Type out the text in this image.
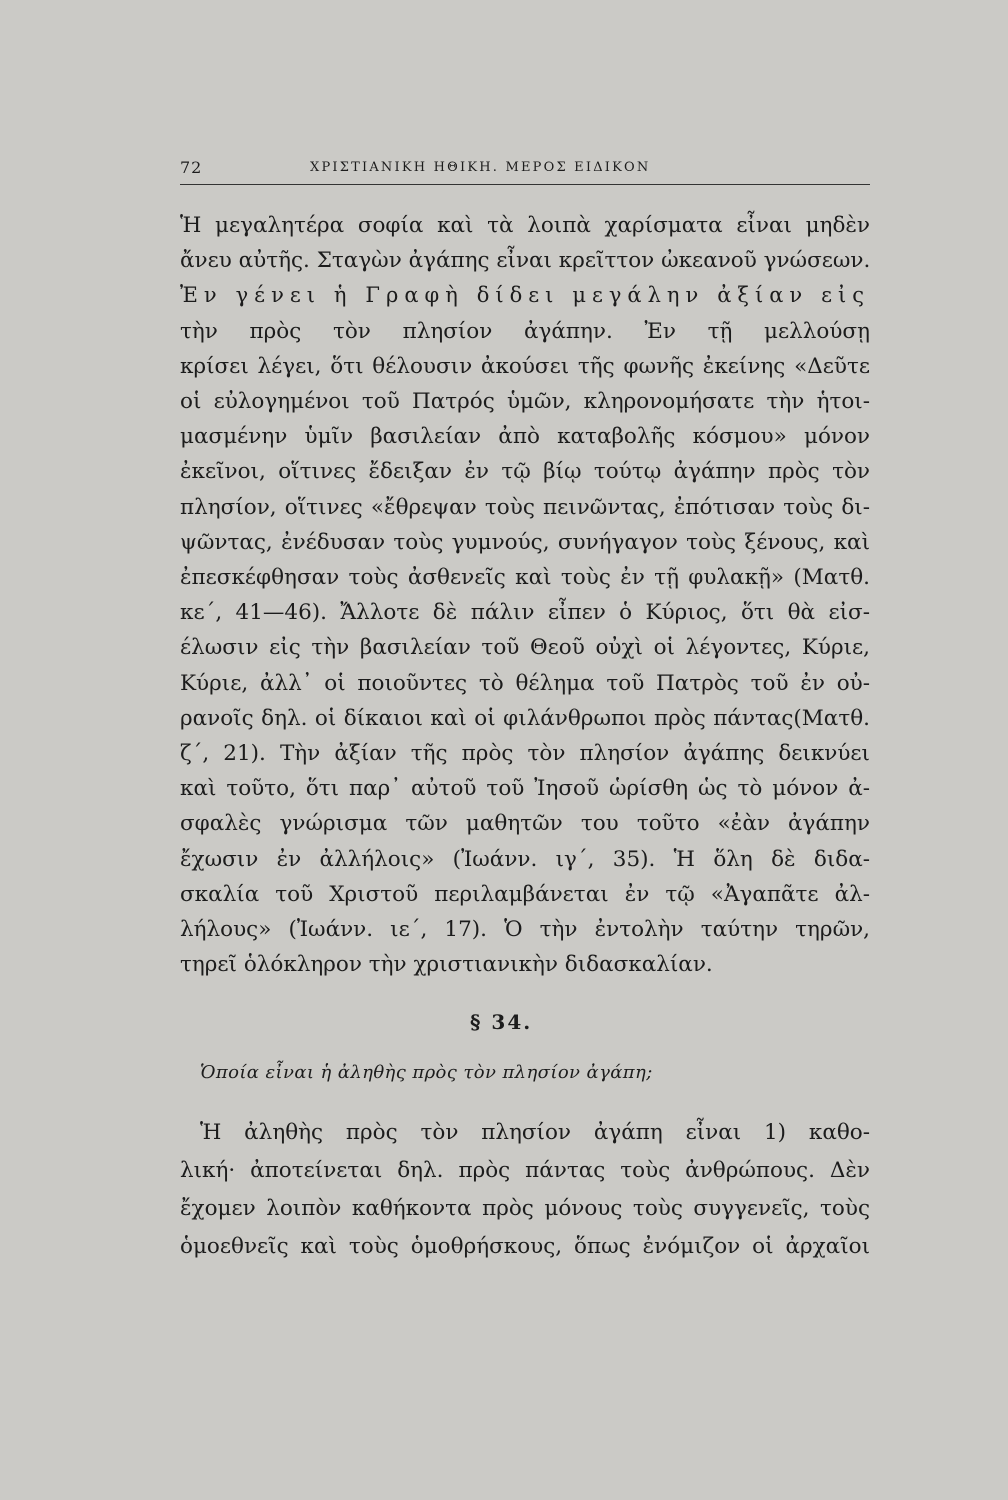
72	ΧΡΙΣΤΙΑΝΙΚΗ ΗΘΙΚΗ. ΜΕΡΟΣ ΕΙΔΙΚΟΝ
Ἡ μεγαλητέρα σοφία καὶ τὰ λοιπὰ χαρίσματα εἶναι μηδὲν
ἄνευ αὐτῆς. Σταγὼν ἀγάπης εἶναι κρεῖττον ὠκεανοῦ γνώσεων.
Ἐν γένει ἡ Γραφὴ δίδει μεγάλην ἀξίαν εἰς
τὴν πρὸς τὸν πλησίον ἀγάπην. Ἐν τῇ μελλούσῃ
κρίσει λέγει, ὅτι θέλουσιν ἀκούσει τῆς φωνῆς ἐκείνης «Δεῦτε
οἱ εὐλογημένοι τοῦ Πατρός ὑμῶν, κληρονομήσατε τὴν ἡτοι-
μασμένην ὑμῖν βασιλείαν ἀπὸ καταβολῆς κόσμου» μόνον
ἐκεῖνοι, οἵτινες ἔδειξαν ἐν τῷ βίῳ τούτῳ ἀγάπην πρὸς τὸν
πλησίον, οἵτινες «ἔθρεψαν τοὺς πεινῶντας, ἐπότισαν τοὺς δι-
ψῶντας, ἐνέδυσαν τοὺς γυμνούς, συνήγαγον τοὺς ξένους, καὶ
ἐπεσκέφθησαν τοὺς ἀσθενεῖς καὶ τοὺς ἐν τῇ φυλακῇ» (Ματθ.
κε΄, 41—46). Ἄλλοτε δὲ πάλιν εἶπεν ὁ Κύριος, ὅτι θὰ εἰσ-
έλωσιν εἰς τὴν βασιλείαν τοῦ Θεοῦ οὐχὶ οἱ λέγοντες, Κύριε,
Κύριε, ἀλλ᾽ οἱ ποιοῦντες τὸ θέλημα τοῦ Πατρὸς τοῦ ἐν οὐ-
ρανοῖς δηλ. οἱ δίκαιοι καὶ οἱ φιλάνθρωποι πρὸς πάντας(Ματθ.
ζ΄, 21). Τὴν ἀξίαν τῆς πρὸς τὸν πλησίον ἀγάπης δεικνύει
καὶ τοῦτο, ὅτι παρ᾽ αὐτοῦ τοῦ Ἰησοῦ ὡρίσθη ὡς τὸ μόνον ἀ-
σφαλὲς γνώρισμα τῶν μαθητῶν του τοῦτο «ἐὰν ἀγάπην
ἔχωσιν ἐν ἀλλήλοις» (Ἰωάνν. ιγ΄, 35). Ἡ ὅλη δὲ διδα-
σκαλία τοῦ Χριστοῦ περιλαμβάνεται ἐν τῷ «Ἀγαπᾶτε ἀλ-
λήλους» (Ἰωάνν. ιε΄, 17). Ὁ τὴν ἐντολὴν ταύτην τηρῶν,
τηρεῖ ὁλόκληρον τὴν χριστιανικὴν διδασκαλίαν.
§ 34.
Ὁποία εἶναι ἡ ἀληθὴς πρὸς τὸν πλησίον ἀγάπη;
Ἡ ἀληθὴς πρὸς τὸν πλησίον ἀγάπη εἶναι 1) καθο-
λική· ἀποτείνεται δηλ. πρὸς πάντας τοὺς ἀνθρώπους. Δὲν
ἔχομεν λοιπὸν καθήκοντα πρὸς μόνους τοὺς συγγενεῖς, τοὺς
ὁμοεθνεῖς καὶ τοὺς ὁμοθρήσκους, ὅπως ἐνόμιζον οἱ ἀρχαῖοι
